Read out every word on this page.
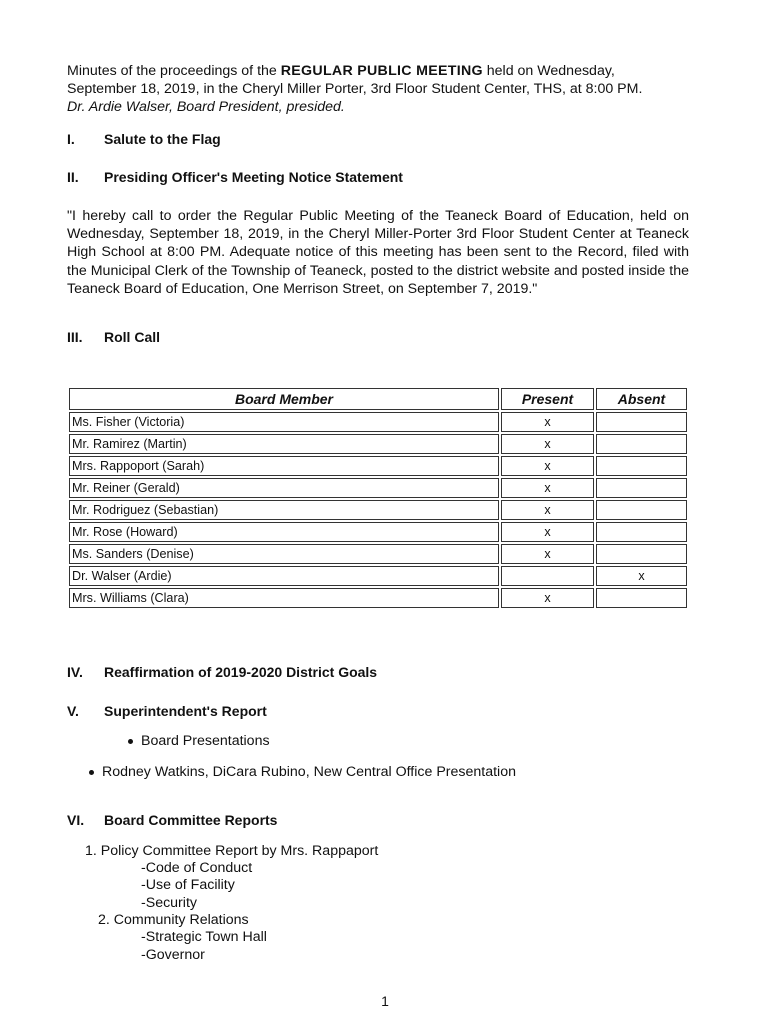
Minutes of the proceedings of the REGULAR PUBLIC MEETING held on Wednesday,
September 18, 2019, in the Cheryl Miller Porter, 3rd Floor Student Center, THS, at 8:00 PM.
Dr. Ardie Walser, Board President, presided.
I. Salute to the Flag
II. Presiding Officer's Meeting Notice Statement
"I hereby call to order the Regular Public Meeting of the Teaneck Board of Education, held on Wednesday, September 18, 2019, in the Cheryl Miller-Porter 3rd Floor Student Center at Teaneck High School at 8:00 PM. Adequate notice of this meeting has been sent to the Record, filed with the Municipal Clerk of the Township of Teaneck, posted to the district website and posted inside the Teaneck Board of Education, One Merrison Street, on September 7, 2019."
III. Roll Call
Board Member	Present	Absent
Ms. Fisher (Victoria)	x	
Mr. Ramirez (Martin)	x	
Mrs. Rappoport (Sarah)	x	
Mr. Reiner (Gerald)	x	
Mr. Rodriguez (Sebastian)	x	
Mr. Rose (Howard)	x	
Ms. Sanders (Denise)	x	
Dr. Walser (Ardie)		x
Mrs. Williams (Clara)	x	
IV. Reaffirmation of 2019-2020 District Goals
V. Superintendent's Report
Board Presentations
Rodney Watkins, DiCara Rubino, New Central Office Presentation
VI. Board Committee Reports
1. Policy Committee Report by Mrs. Rappaport
-Code of Conduct
-Use of Facility
-Security
2. Community Relations
-Strategic Town Hall
-Governor
1
